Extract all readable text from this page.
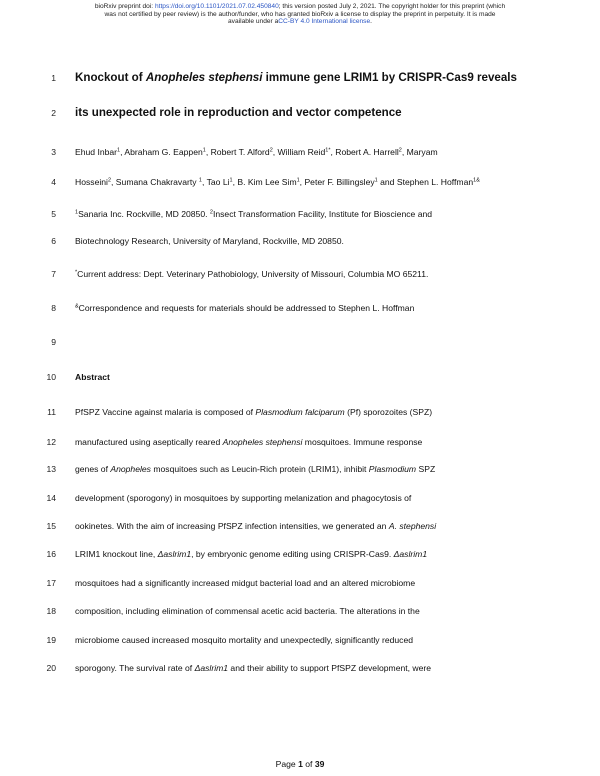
bioRxiv preprint doi: https://doi.org/10.1101/2021.07.02.450840; this version posted July 2, 2021. The copyright holder for this preprint (which
was not certified by peer review) is the author/funder, who has granted bioRxiv a license to display the preprint in perpetuity. It is made
available under aCC-BY 4.0 International license.
1 Knockout of Anopheles stephensi immune gene LRIM1 by CRISPR-Cas9 reveals
2 its unexpected role in reproduction and vector competence
3 Ehud Inbar$^1$, Abraham G. Eappen$^1$, Robert T. Alford$^2$, William Reid$^{1*}$, Robert A. Harrell$^2$, Maryam
4 Hosseini$^2$, Sumana Chakravarty $^1$, Tao Li$^1$, B. Kim Lee Sim$^1$, Peter F. Billingsley$^1$ and Stephen L. Hoffman$^{1\&}$
5	$^1$Sanaria Inc. Rockville, MD 20850. $^2$Insect Transformation Facility, Institute for Bioscience and
6 Biotechnology Research, University of Maryland, Rockville, MD 20850.
7	*Current address: Dept. Veterinary Pathobiology, University of Missouri, Columbia MO 65211.
8	&Correspondence and requests for materials should be addressed to Stephen L. Hoffman
9
10 Abstract
11 PfSPZ Vaccine against malaria is composed of Plasmodium falciparum (Pf) sporozoites (SPZ)
12 manufactured using aseptically reared Anopheles stephensi mosquitoes. Immune response
13 genes of Anopheles mosquitoes such as Leucin-Rich protein (LRIM1), inhibit Plasmodium SPZ
14 development (sporogony) in mosquitoes by supporting melanization and phagocytosis of
15 ookinetes. With the aim of increasing PfSPZ infection intensities, we generated an A. stephensi
16 LRIM1 knockout line, Δaslrim1, by embryonic genome editing using CRISPR-Cas9. Δaslrim1
17 mosquitoes had a significantly increased midgut bacterial load and an altered microbiome
18 composition, including elimination of commensal acetic acid bacteria. The alterations in the
19 microbiome caused increased mosquito mortality and unexpectedly, significantly reduced
20 sporogony. The survival rate of Δaslrim1 and their ability to support PfSPZ development, were
Page 1 of 39
